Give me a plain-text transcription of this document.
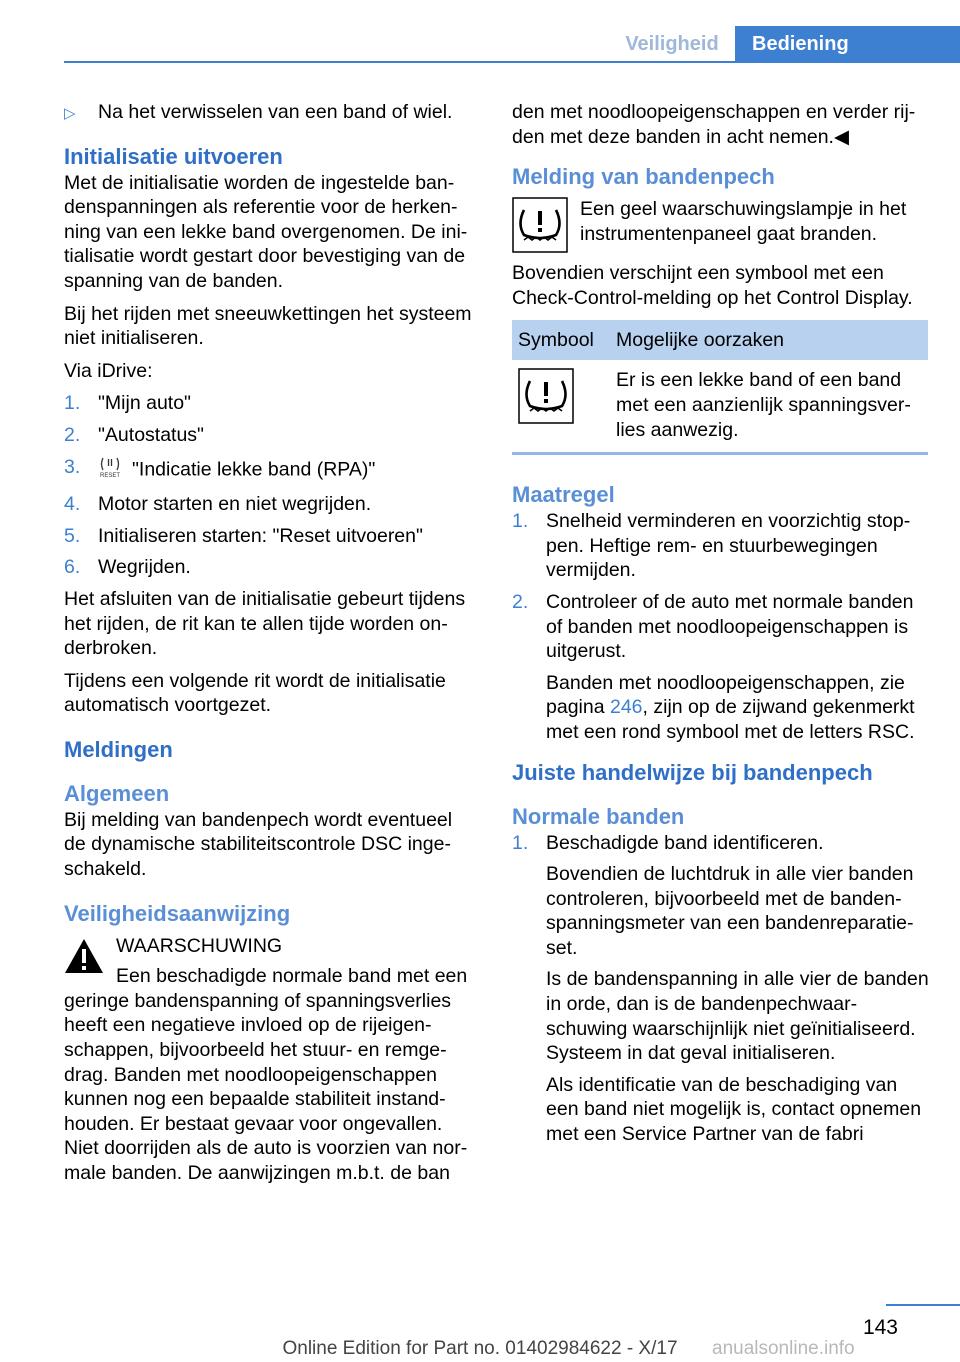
Veiligheid	Bediening

▷ Na het verwisselen van een band of wiel.

Initialisatie uitvoeren

Met de initialisatie worden de ingestelde bandenspanningen als referentie voor de herkenning van een lekke band overgenomen. De initialisatie wordt gestart door bevestiging van de spanning van de banden.

Bij het rijden met sneeuwkettingen het systeem niet initialiseren.

Via iDrive:

1. "Mijn auto"
2. "Autostatus"
3.	RESET "Indicatie lekke band (RPA)"
4. Motor starten en niet wegrijden.
5. Initialiseren starten: "Reset uitvoeren"
6. Wegrijden.

Het afsluiten van de initialisatie gebeurt tijdens het rijden, de rit kan te allen tijde worden onderbroken.

Tijdens een volgende rit wordt de initialisatie automatisch voortgezet.

Meldingen
Algemeen

Bij melding van bandenpech wordt eventueel de dynamische stabiliteitscontrole DSC ingeschakeld.

Veiligheidsaanwijzing

WAARSCHUWING

Een beschadigde normale band met een geringe bandenspanning of spanningsverlies heeft een negatieve invloed op de rijeigenschappen, bijvoorbeeld het stuur- en remgedrag. Banden met noodloopeigenschappen kunnen nog een bepaalde stabiliteit instandhouden. Er bestaat gevaar voor ongevallen. Niet doorrijden als de auto is voorzien van normale banden. De aanwijzingen m.b.t. de ban

den met noodloopeigenschappen en verder rijden met deze banden in acht nemen.◀

Melding van bandenpech
Een geel waarschuwingslampje in het instrumentenpaneel gaat branden.

Bovendien verschijnt een symbool met een Check-Control-melding op het Control Display.

Symbool	Mogelijke oorzaken
	Er is een lekke band of een band met een aanzienlijk spanningsverlies aanwezig.

Maatregel
1. Snelheid verminderen en voorzichtig stoppen. Heftige rem- en stuurbewegingen vermijden.
2. Controleer of de auto met normale banden of banden met noodloopeigenschappen is uitgerust.

Banden met noodloopeigenschappen, zie pagina 246, zijn op de zijwand gekenmerkt met een rond symbool met de letters RSC.

Juiste handelwijze bij bandenpech
Normale banden
1. Beschadigde band identificeren.

Bovendien de luchtdruk in alle vier banden controleren, bijvoorbeeld met de bandenspanningsmeter van een bandenreparatieset.

Is de bandenspanning in alle vier de banden in orde, dan is de bandenpechwaarschuwing waarschijnlijk niet geïnitialiseerd. Systeem in dat geval initialiseren.

Als identificatie van de beschadiging van een band niet mogelijk is, contact opnemen met een Service Partner van de fabri

143
Online Edition for Part no. 01402984622 - X/17	anualsonline.info
